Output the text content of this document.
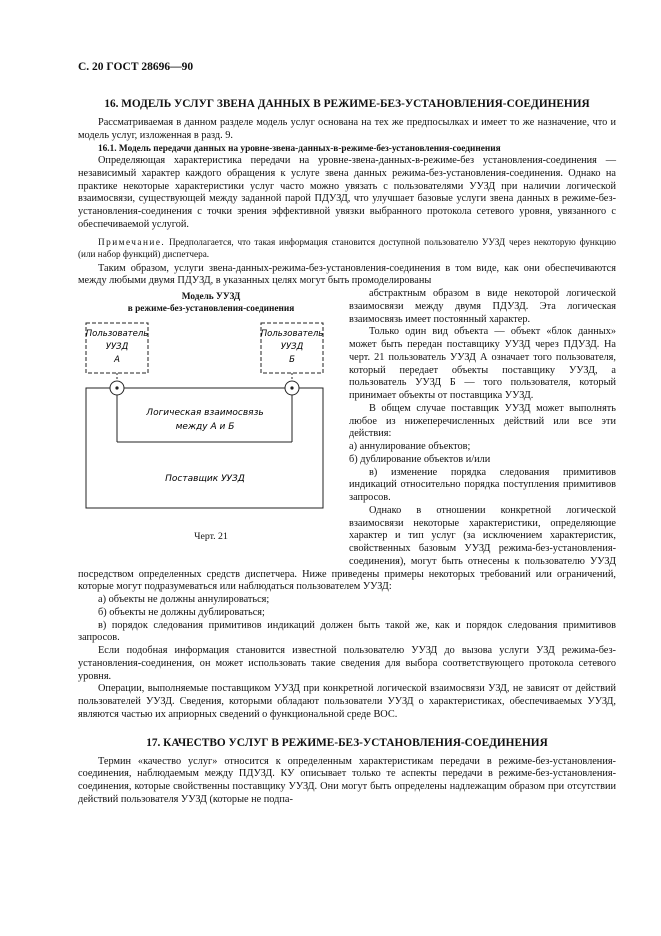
С. 20 ГОСТ 28696—90
16. МОДЕЛЬ УСЛУГ ЗВЕНА ДАННЫХ В РЕЖИМЕ-БЕЗ-УСТАНОВЛЕНИЯ-СОЕДИНЕНИЯ

Рассматриваемая в данном разделе модель услуг основана на тех же предпосылках и имеет то же назначение, что и модель услуг, изложенная в разд. 9.

16.1. Модель передачи данных на уровне-звена-данных-в-режиме-без-установления-соединения

Определяющая характеристика передачи на уровне-звена-данных-в-режиме-без установления-соединения — независимый характер каждого обращения к услуге звена данных режима-без-установления-соединения. Однако на практике некоторые характеристики услуг часто можно увязать с пользователями УУЗД при наличии логической взаимосвязи, существующей между заданной парой ПДУЗД, что улучшает базовые услуги звена данных в режиме-без-установления-соединения с точки зрения эффективной увязки выбранного протокола сетевого уровня, увязанного с обеспечиваемой услугой.

Примечание. Предполагается, что такая информация становится доступной пользователю УУЗД через некоторую функцию (или набор функций) диспетчера.

Таким образом, услуги звена-данных-режима-без-установления-соединения в том виде, как они обеспечиваются между любыми двумя ПДУЗД, в указанных целях могут быть промоделированы

Модель УУЗД
в режиме-без-установления-соединения
Пользователь
УУЗД
А
Пользователь
УУЗД
Б
Логическая взаимосвязь
между А и Б
Поставщик УУЗД
Черт. 21

абстрактным образом в виде некоторой логической взаимосвязи между двумя ПДУЗД. Эта логическая взаимосвязь имеет постоянный характер.

Только один вид объекта — объект «блок данных» может быть передан поставщику УУЗД через ПДУЗД. На черт. 21 пользователь УУЗД А означает того пользователя, который передает объекты поставщику УУЗД, а пользователь УУЗД Б — того пользователя, который принимает объекты от поставщика УУЗД.

В общем случае поставщик УУЗД может выполнять любое из нижеперечисленных действий или все эти действия:

а) аннулирование объектов;
б) дублирование объектов и/или

в) изменение порядка следования примитивов индикаций относительно порядка поступления примитивов запросов.

Однако в отношении конкретной логической взаимосвязи некоторые характеристики, определяющие характер и тип услуг (за исключением характеристик, свойственных базовым УУЗД режима-без-установления-соединения), могут быть отнесены к пользователю УУЗД посредством определенных средств диспетчера. Ниже приведены примеры некоторых требований или ограничений, которые могут подразумеваться или наблюдаться пользователем УУЗД:

а) объекты не должны аннулироваться;
б) объекты не должны дублироваться;

в) порядок следования примитивов индикаций должен быть такой же, как и порядок следования примитивов запросов.

Если подобная информация становится известной пользователю УУЗД до вызова услуги УЗД режима-без-установления-соединения, он может использовать такие сведения для выбора соответствующего протокола сетевого уровня.

Операции, выполняемые поставщиком УУЗД при конкретной логической взаимосвязи УЗД, не зависят от действий пользователей УУЗД. Сведения, которыми обладают пользователи УУЗД о характеристиках, обеспечиваемых УУЗД, являются частью их априорных сведений о функциональной среде ВОС.

17. КАЧЕСТВО УСЛУГ В РЕЖИМЕ-БЕЗ-УСТАНОВЛЕНИЯ-СОЕДИНЕНИЯ

Термин «качество услуг» относится к определенным характеристикам передачи в режиме-без-установления-соединения, наблюдаемым между ПДУЗД. КУ описывает только те аспекты передачи в режиме-без-установления-соединения, которые свойственны поставщику УУЗД. Они могут быть определены надлежащим образом при отсутствии действий пользователя УУЗД (которые не подпа-
